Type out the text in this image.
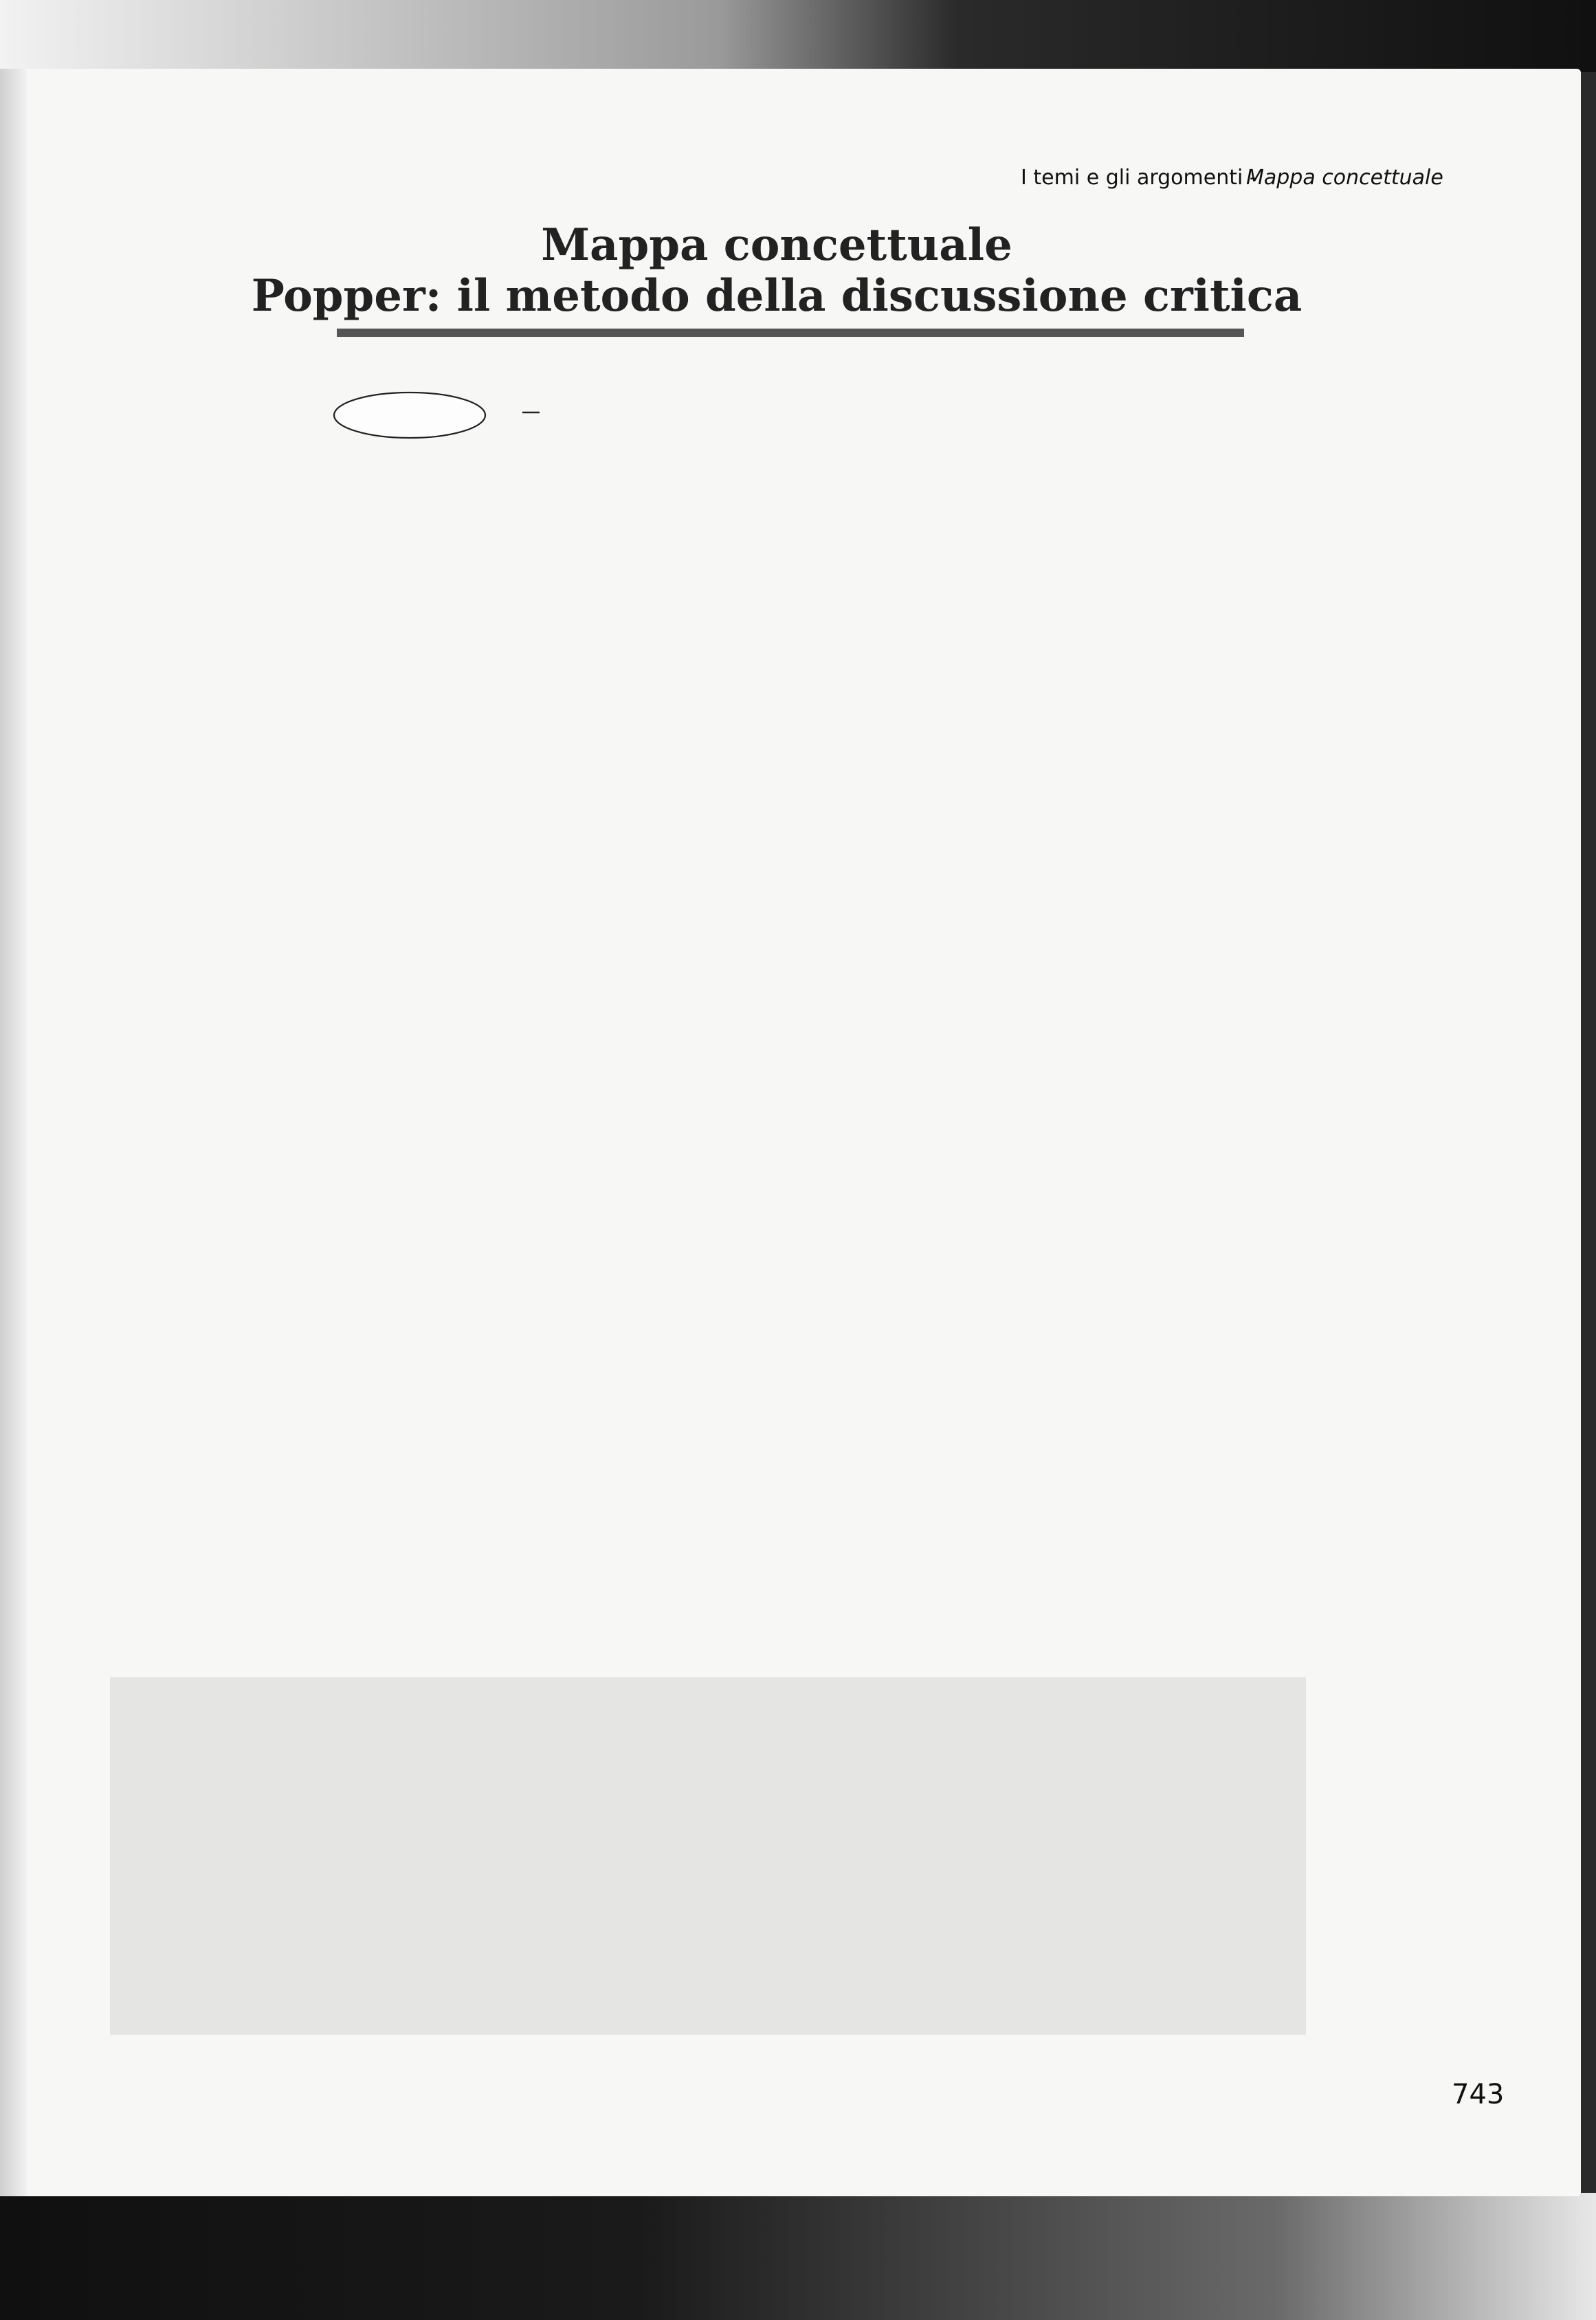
I temi e gli argomenti -
Mappa concettuale
Mappa concettuale
Popper: il metodo della discussione critica
743
